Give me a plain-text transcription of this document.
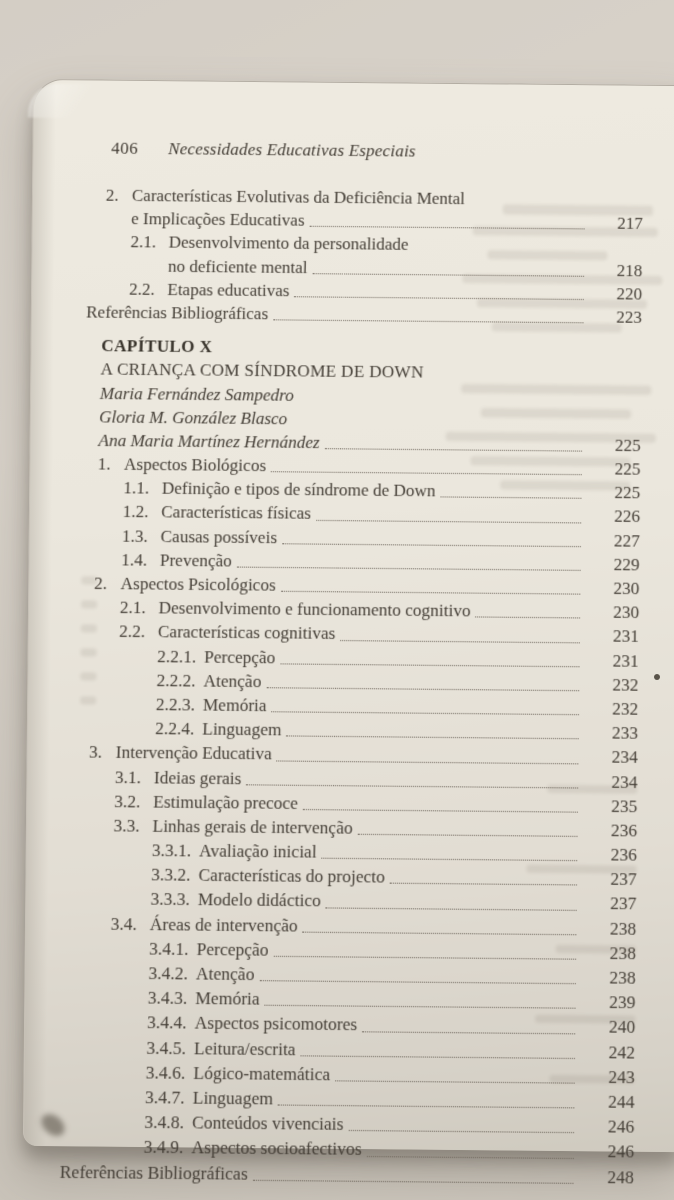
406 Necessidades Educativas Especiais
2. Características Evolutivas da Deficiência Mental
e Implicações Educativas	217
2.1. Desenvolvimento da personalidade
no deficiente mental	218
2.2. Etapas educativas	220
Referências Bibliográficas	223
CAPÍTULO X
A CRIANÇA COM SÍNDROME DE DOWN
Maria Fernández Sampedro
Gloria M. González Blasco
Ana Maria Martínez Hernández	225
1. Aspectos Biológicos	225
1.1. Definição e tipos de síndrome de Down	225
1.2. Características físicas	226
1.3. Causas possíveis	227
1.4. Prevenção	229
2. Aspectos Psicológicos	230
2.1. Desenvolvimento e funcionamento cognitivo	230
2.2. Características cognitivas	231
2.2.1. Percepção	231
2.2.2. Atenção	232
2.2.3. Memória	232
2.2.4. Linguagem	233
3. Intervenção Educativa	234
3.1. Ideias gerais	234
3.2. Estimulação precoce	235
3.3. Linhas gerais de intervenção	236
3.3.1. Avaliação inicial	236
3.3.2. Características do projecto	237
3.3.3. Modelo didáctico	237
3.4. Áreas de intervenção	238
3.4.1. Percepção	238
3.4.2. Atenção	238
3.4.3. Memória	239
3.4.4. Aspectos psicomotores	240
3.4.5. Leitura/escrita	242
3.4.6. Lógico-matemática	243
3.4.7. Linguagem	244
3.4.8. Conteúdos vivenciais	246
3.4.9. Aspectos socioafectivos	246
Referências Bibliográficas	248
